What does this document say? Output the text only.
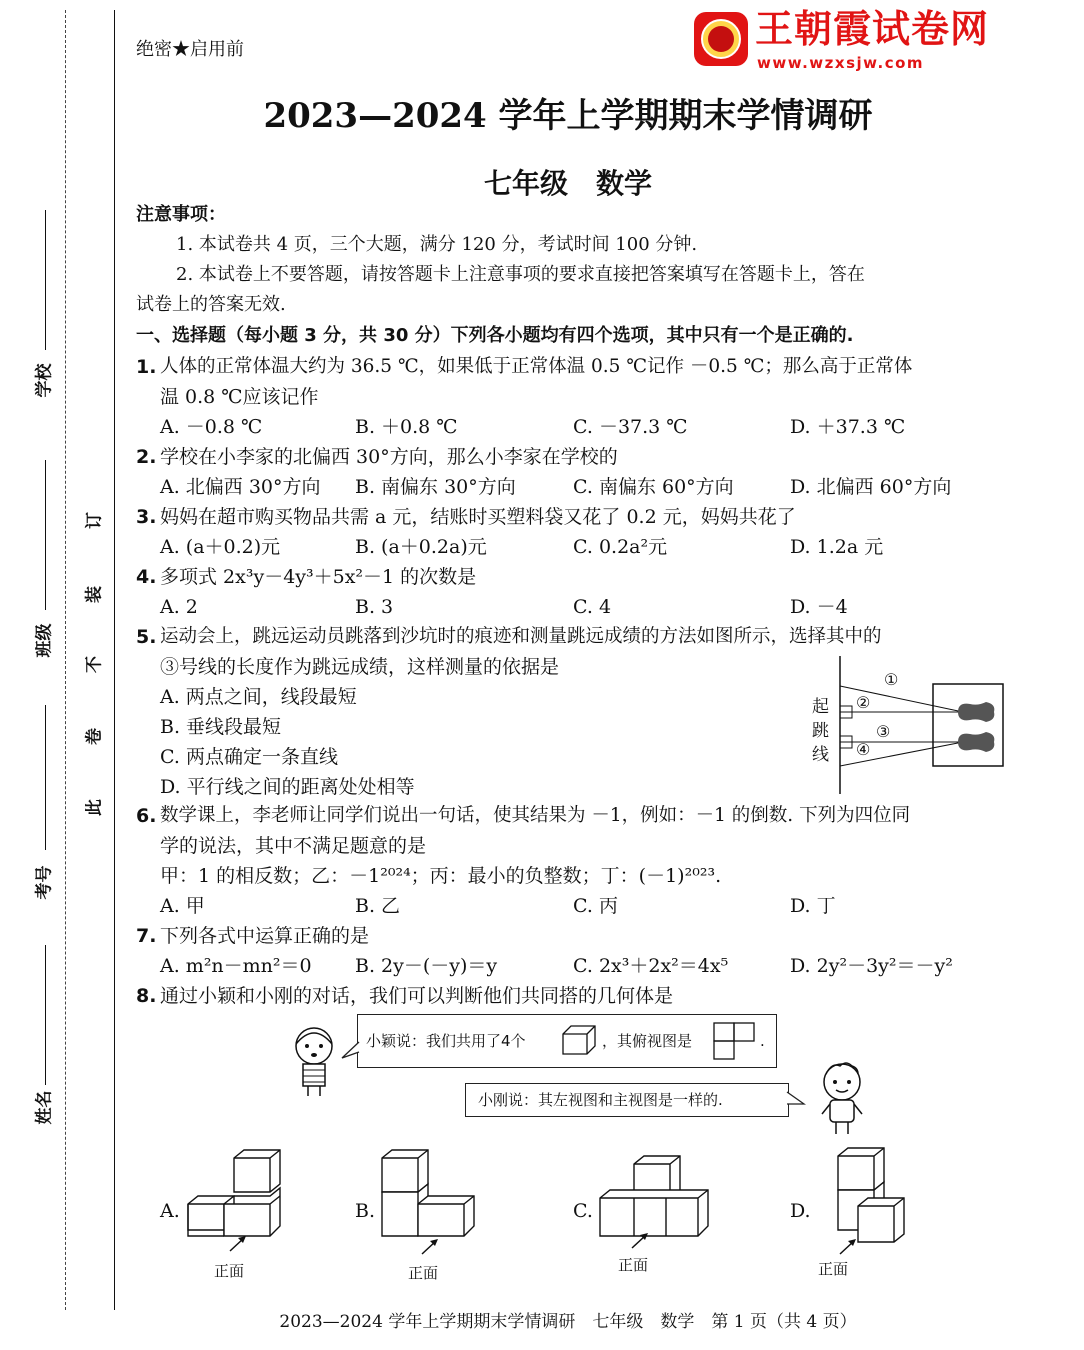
学校
班级
考号
姓名
订
装
不
卷
此
绝密★启用前	王朝霞试卷网
www.wzxsjw.com
2023—2024 学年上学期期末学情调研
七年级　数学
注意事项：
1. 本试卷共 4 页，三个大题，满分 120 分，考试时间 100 分钟.
2. 本试卷上不要答题，请按答题卡上注意事项的要求直接把答案填写在答题卡上，答在
试卷上的答案无效.
一、选择题（每小题 3 分，共 30 分）下列各小题均有四个选项，其中只有一个是正确的.
1. 人体的正常体温大约为 36.5 ℃，如果低于正常体温 0.5 ℃记作 －0.5 ℃；那么高于正常体
温 0.8 ℃应该记作
A. －0.8 ℃	B. ＋0.8 ℃	C. －37.3 ℃	D. ＋37.3 ℃
2. 学校在小李家的北偏西 30°方向，那么小李家在学校的
A. 北偏西 30°方向 B. 南偏东 30°方向	C. 南偏东 60°方向	D. 北偏西 60°方向
3. 妈妈在超市购买物品共需 a 元，结账时买塑料袋又花了 0.2 元，妈妈共花了
A. (a＋0.2)元	B. (a＋0.2a)元	C. 0.2a²元	D. 1.2a 元
4. 多项式 2x³y－4y³＋5x²－1 的次数是
A. 2	B. 3	C. 4	D. －4
5. 运动会上，跳远运动员跳落到沙坑时的痕迹和测量跳远成绩的方法如图所示，选择其中的
③号线的长度作为跳远成绩，这样测量的依据是
A. 两点之间，线段最短
B. 垂线段最短
C. 两点确定一条直线
D. 平行线之间的距离处处相等
起
跳
线
①
②
③
④
6. 数学课上，李老师让同学们说出一句话，使其结果为 －1，例如：－1 的倒数. 下列为四位同
学的说法，其中不满足题意的是
甲：1 的相反数；乙：－1²⁰²⁴；丙：最小的负整数；丁：(－1)²⁰²³.
A. 甲	B. 乙	C. 丙	D. 丁
7. 下列各式中运算正确的是
A. m²n－mn²＝0 B. 2y－(－y)＝y	C. 2x³＋2x²＝4x⁵	D. 2y²－3y²＝－y²
8. 通过小颖和小刚的对话，我们可以判断他们共同搭的几何体是
小颖说：我们共用了4个	，其俯视图是	.
小刚说：其左视图和主视图是一样的.
A.
正面
B.
正面
C.
正面
D.
正面
2023—2024 学年上学期期末学情调研　七年级　数学　第 1 页（共 4 页）
